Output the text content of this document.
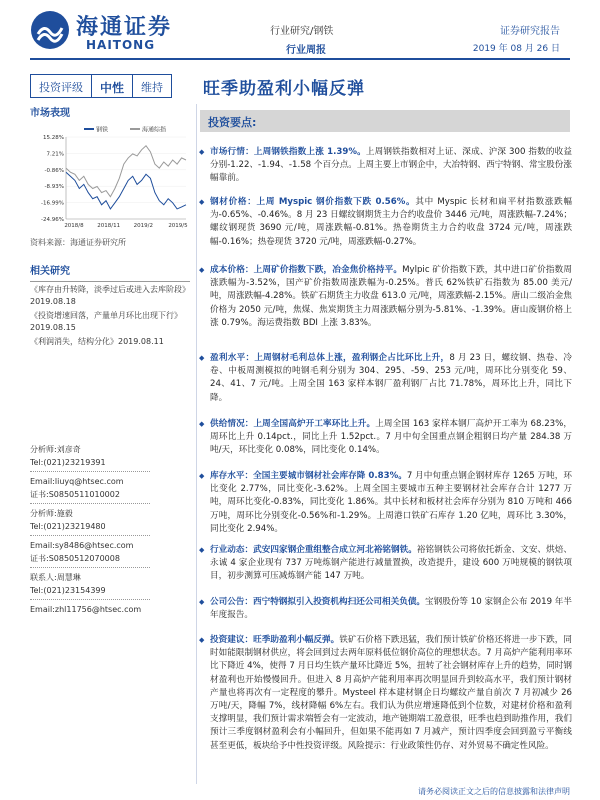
海通证券
HAITONG
行业研究/钢铁
行业周报
证券研究报告
2019 年 08 月 26 日
投资评级	中性	维持	旺季助盈利小幅反弹
市场表现
钢铁	海通综指
15.28%
7.21%
-0.86%
-8.93%
-16.99%
-24.96%
2018/8 2018/11 2019/2	2019/5
资料来源：海通证券研究所
相关研究
《库存由升转降，淡季过后或进入去库阶段》2019.08.18
《投资增速回落，产量单月环比出现下行》2019.08.15
《利润消失，结构分化》2019.08.11
分析师:刘彦奇
Tel:(021)23219391
Email:liuyq@htsec.com
证书:S0850511010002
分析师:施毅
Tel:(021)23219480
Email:sy8486@htsec.com
证书:S0850512070008
联系人:周慧琳
Tel:(021)23154399
Email:zhl11756@htsec.com
投资要点:
◆ 市场行情：上周钢铁指数上涨 1.39%。上周钢铁指数相对上证、深成、沪深 300 指数的收益分别-1.22、-1.94、-1.58 个百分点。上周主要上市钢企中，大冶特钢、西宁特钢、常宝股份涨幅靠前。
◆ 钢材价格：上周 Myspic 钢价指数下跌 0.56%。其中 Myspic 长材和扁平材指数涨跌幅为-0.65%、-0.46%。8 月 23 日螺纹钢期货主力合约收盘价 3446 元/吨，周涨跌幅-7.24%；螺纹钢现货 3690 元/吨，周涨跌幅-0.81%。热卷期货主力合约收盘 3724 元/吨，周涨跌幅-0.16%；热卷现货 3720 元/吨，周涨跌幅-0.27%。
◆ 成本价格：上周矿价指数下跌，冶金焦价格持平。Mylpic 矿价指数下跌，其中进口矿价指数周涨跌幅为-3.52%，国产矿价指数周涨跌幅为-0.25%。普氏 62%铁矿石指数为 85.00 美元/吨，周涨跌幅-4.28%。铁矿石期货主力收盘 613.0 元/吨，周涨跌幅-2.15%。唐山二级冶金焦价格为 2050 元/吨，焦煤、焦炭期货主力周涨跌幅分别为-5.81%、-1.39%。唐山废钢价格上涨 0.79%。海运费指数 BDI 上涨 3.83%。
◆ 盈利水平：上周钢材毛利总体上涨，盈利钢企占比环比上升，8 月 23 日，螺纹钢、热卷、冷卷、中板周测模拟的吨钢毛利分别为 304、295、-59、253 元/吨，周环比分别变化 59、24、41、7 元/吨。上周全国 163 家样本钢厂盈利钢厂占比 71.78%，周环比上升，同比下降。
◆ 供给情况：上周全国高炉开工率环比上升。上周全国 163 家样本钢厂高炉开工率为 68.23%，周环比上升 0.14pct.，同比上升 1.52pct.。7 月中旬全国重点钢企粗钢日均产量 284.38 万吨/天，环比变化 0.08%，同比变化 0.14%。
◆ 库存水平：全国主要城市钢材社会库存降 0.83%。7 月中旬重点钢企钢材库存 1265 万吨，环比变化 2.77%，同比变化-3.62%。上周全国主要城市五种主要钢材社会库存合计 1277 万吨，周环比变化-0.83%，同比变化 1.86%。其中长材和板材社会库存分别为 810 万吨和 466 万吨，周环比分别变化-0.56%和-1.29%。上周港口铁矿石库存 1.20 亿吨，周环比 3.30%，同比变化 2.94%。
◆ 行业动态：武安四家钢企重组整合成立河北裕铭钢铁。裕铭钢铁公司将依托新金、文安、烘焙、永诚 4 家企业现有 737 万吨炼钢产能进行减量置换，改造提升，建设 600 万吨规模的钢铁项目，初步测算可压减炼钢产能 147 万吨。
◆ 公司公告：西宁特钢拟引入投资机构扫还公司相关负债。宝钢股份等 10 家钢企公布 2019 年半年度报告。
◆ 投资建议：旺季助盈利小幅反弹。铁矿石价格下跌迅猛，我们预计铁矿价格还将进一步下跌，同时如能限制钢材供应，将会回到过去两年原料低位钢价高位的理想状态。7 月高炉产能利用率环比下降近 4%，使得 7 月日均生铁产量环比降近 5%，扭转了社会钢材库存上升的趋势，同时钢材盈利也开始慢慢回升。但进入 8 月高炉产能利用率再次明显回升到较高水平，我们预计钢材产量也将再次有一定程度的攀升。Mysteel 样本建材钢企日均螺纹产量自前次 7 月初减少 26 万吨/天，降幅 7%，线材降幅 6%左右。我们认为供应增速降低到个位数，对建材价格和盈利支撑明显，我们预计需求端暂会有一定波动，地产链期端工盈意很，旺季也趋到助推作用，我们预计三季度钢材盈利会有小幅回升，但如果不能再如 7 月减产，预计四季度会回到盈亏平衡线甚至更低，板块给予中性投资评级。风险提示：行业政策性仍存、对外贸易不确定性风险。
请务必阅读正文之后的信息披露和法律声明
